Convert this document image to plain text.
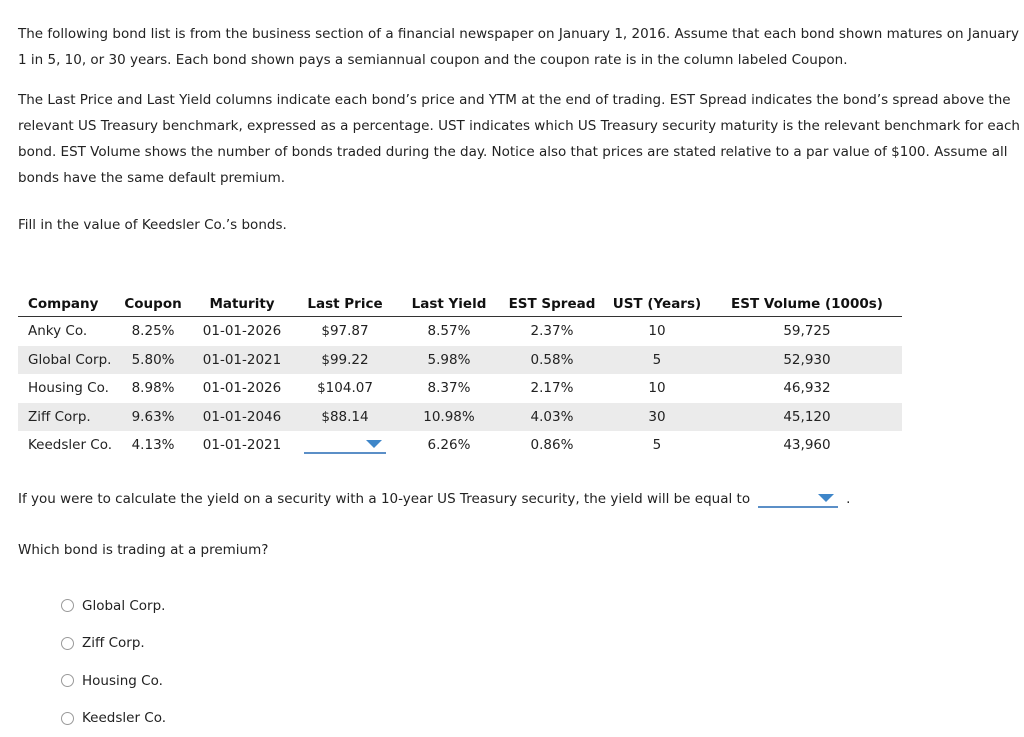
The following bond list is from the business section of a financial newspaper on January 1, 2016. Assume that each bond shown matures on January 1 in 5, 10, or 30 years. Each bond shown pays a semiannual coupon and the coupon rate is in the column labeled Coupon.

The Last Price and Last Yield columns indicate each bond’s price and YTM at the end of trading. EST Spread indicates the bond’s spread above the relevant US Treasury benchmark, expressed as a percentage. UST indicates which US Treasury security maturity is the relevant benchmark for each bond. EST Volume shows the number of bonds traded during the day. Notice also that prices are stated relative to a par value of $100. Assume all bonds have the same default premium.

Fill in the value of Keedsler Co.’s bonds.

Company	Coupon	Maturity	Last Price	Last Yield	EST Spread	UST (Years)	EST Volume (1000s)
Anky Co.	8.25%	01-01-2026	$97.87	8.57%	2.37%	10	59,725
Global Corp.	5.80%	01-01-2021	$99.22	5.98%	0.58%	5	52,930
Housing Co.	8.98%	01-01-2026	$104.07	8.37%	2.17%	10	46,932
Ziff Corp.	9.63%	01-01-2046	$88.14	10.98%	4.03%	30	45,120
Keedsler Co.	4.13%	01-01-2021		6.26%	0.86%	5	43,960

If you were to calculate the yield on a security with a 10-year US Treasury security, the yield will be equal to	.

Which bond is trading at a premium?

Global Corp.
Ziff Corp.
Housing Co.
Keedsler Co.
